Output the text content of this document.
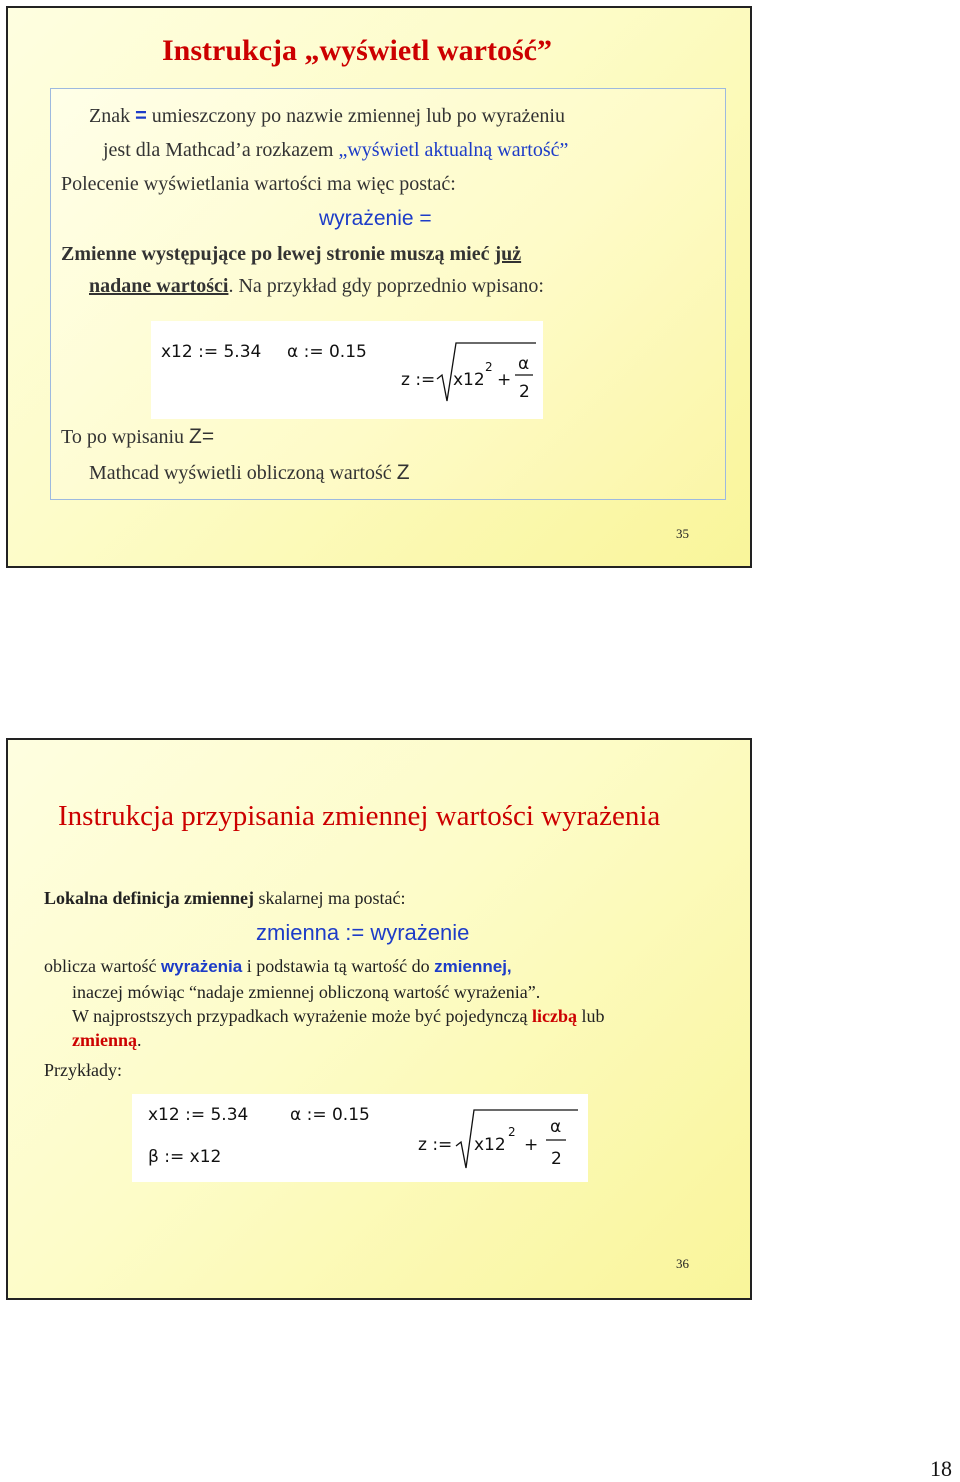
Instrukcja „wyświetl wartość”
Znak = umieszczony po nazwie zmiennej lub po wyrażeniu
jest dla Mathcad’a rozkazem „wyświetl aktualną wartość”
Polecenie wyświetlania wartości ma więc postać:
wyrażenie =
Zmienne występujące po lewej stronie muszą mieć już
nadane wartości. Na przykład gdy poprzednio wpisano:
x12 := 5.34 α := 0.15
z := x12
2
+
α
2
To po wpisaniu Z=
Mathcad wyświetli obliczoną wartość Z
35
Instrukcja przypisania zmiennej wartości wyrażenia
Lokalna definicja zmiennej skalarnej ma postać:
zmienna := wyrażenie
oblicza wartość wyrażenia i podstawia tą wartość do zmiennej,
inaczej mówiąc “nadaje zmiennej obliczoną wartość wyrażenia”.
W najprostszych przypadkach wyrażenie może być pojedynczą liczbą lub
zmienną.
Przykłady:
x12 := 5.34 α := 0.15
β := x12
z := x12
2
+
α
2
36
18
